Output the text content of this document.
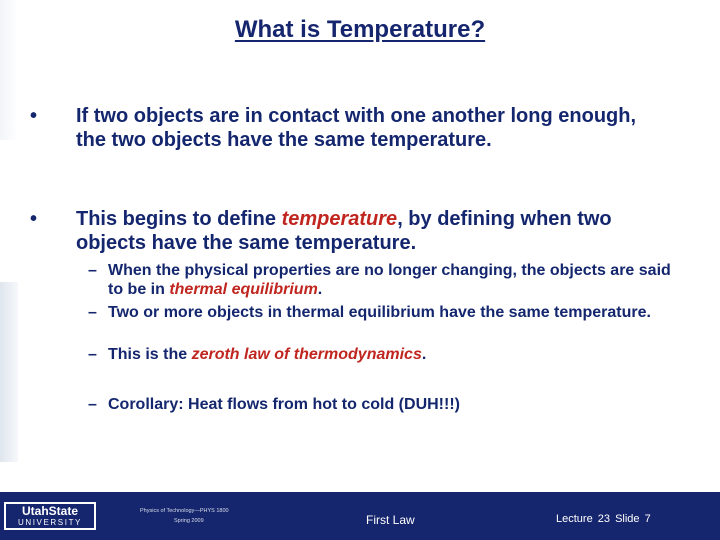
What is Temperature?
• If two objects are in contact with one another long enough, the two objects have the same temperature.
• This begins to define temperature, by defining when two objects have the same temperature.
– When the physical properties are no longer changing, the objects are said to be in thermal equilibrium.
– Two or more objects in thermal equilibrium have the same temperature.
– This is the zeroth law of thermodynamics.
– Corollary: Heat flows from hot to cold (DUH!!!)
UtahState
UNIVERSITY
Physics of Technology—PHYS 1800
Spring 2009	First Law	Lecture 23 Slide 7
